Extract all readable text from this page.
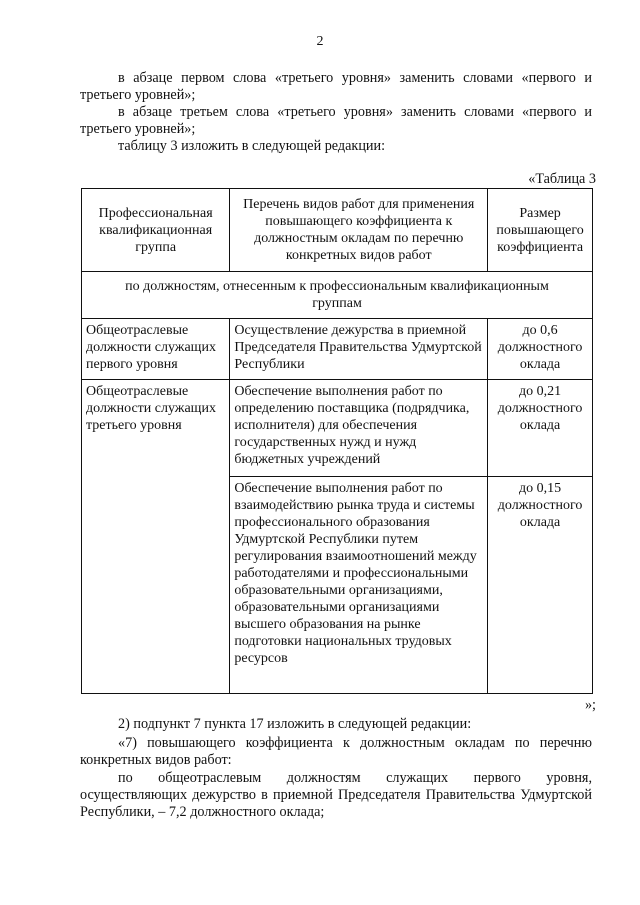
2
в абзаце первом слова «третьего уровня» заменить словами «первого и третьего уровней»;
в абзаце третьем слова «третьего уровня» заменить словами «первого и третьего уровней»;
таблицу 3 изложить в следующей редакции:
«Таблица 3
Профессиональная квалификационная группа	Перечень видов работ для применения повышающего коэффициента к должностным окладам по перечню конкретных видов работ	Размер повышающего коэффициента
по должностям, отнесенным к профессиональным квалификационным группам		
Общеотраслевые должности служащих первого уровня	Осуществление дежурства в приемной Председателя Правительства Удмуртской Республики	до 0,6 должностного оклада
Общеотраслевые должности служащих третьего уровня	Обеспечение выполнения работ по определению поставщика (подрядчика, исполнителя) для обеспечения государственных нужд и нужд бюджетных учреждений	до 0,21 должностного оклада
	Обеспечение выполнения работ по взаимодействию рынка труда и системы профессионального образования Удмуртской Республики путем регулирования взаимоотношений между работодателями и профессиональными образовательными организациями, образовательными организациями высшего образования на рынке подготовки национальных трудовых ресурсов	до 0,15 должностного оклада
»;
2) подпункт 7 пункта 17 изложить в следующей редакции:
«7) повышающего коэффициента к должностным окладам по перечню конкретных видов работ:
по общеотраслевым должностям служащих первого уровня, осуществляющих дежурство в приемной Председателя Правительства Удмуртской Республики, – 7,2 должностного оклада;
